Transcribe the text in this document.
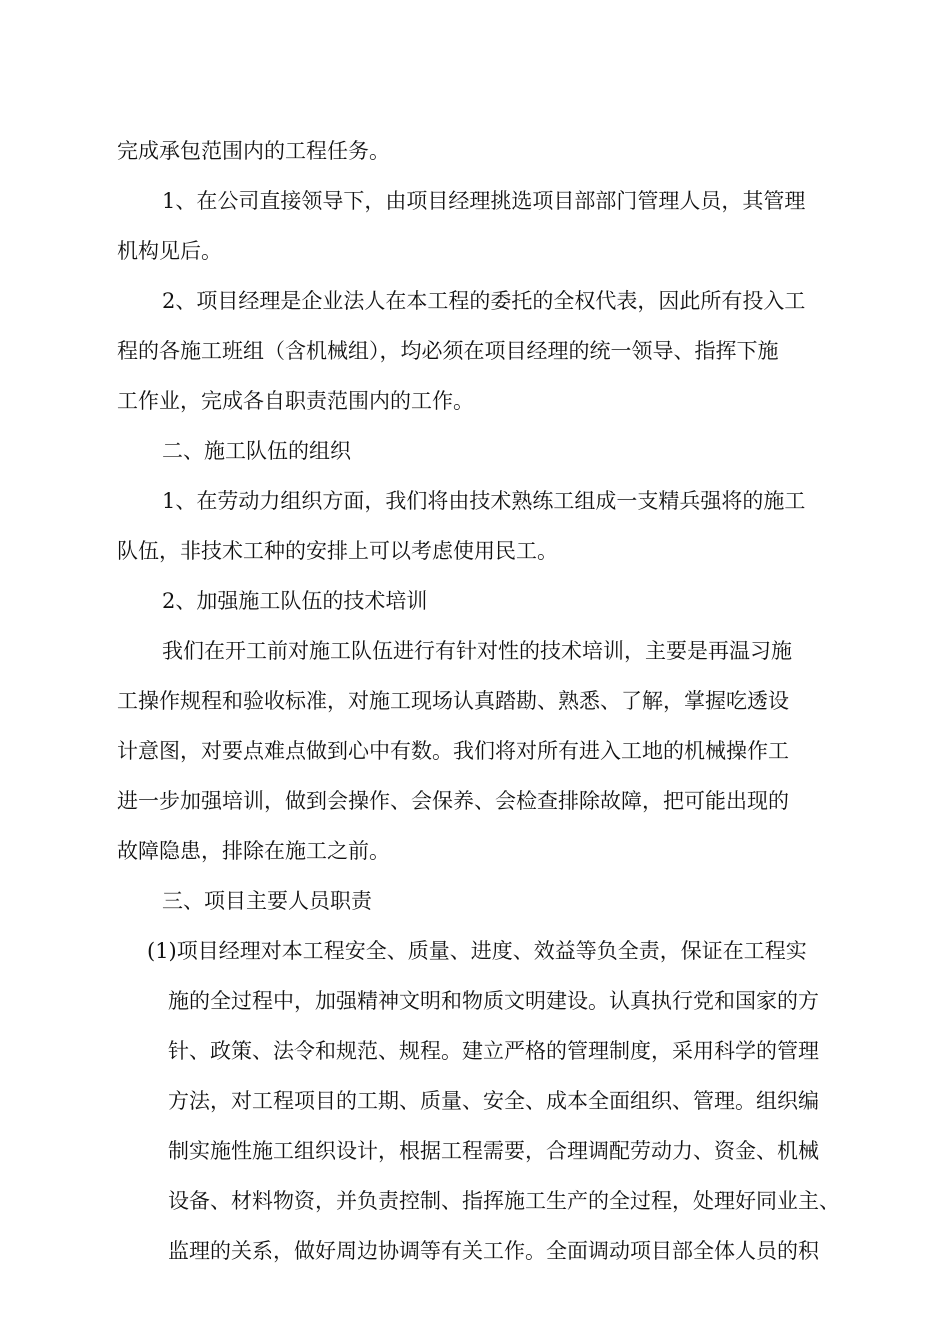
完成承包范围内的工程任务。
1、在公司直接领导下，由项目经理挑选项目部部门管理人员，其管理
机构见后。
2、项目经理是企业法人在本工程的委托的全权代表，因此所有投入工
程的各施工班组（含机械组），均必须在项目经理的统一领导、指挥下施
工作业，完成各自职责范围内的工作。
二、施工队伍的组织
1、在劳动力组织方面，我们将由技术熟练工组成一支精兵强将的施工
队伍，非技术工种的安排上可以考虑使用民工。
2、加强施工队伍的技术培训
我们在开工前对施工队伍进行有针对性的技术培训，主要是再温习施
工操作规程和验收标准，对施工现场认真踏勘、熟悉、了解，掌握吃透设
计意图，对要点难点做到心中有数。我们将对所有进入工地的机械操作工
进一步加强培训，做到会操作、会保养、会检查排除故障，把可能出现的
故障隐患，排除在施工之前。
三、项目主要人员职责
(1)项目经理对本工程安全、质量、进度、效益等负全责，保证在工程实
施的全过程中，加强精神文明和物质文明建设。认真执行党和国家的方
针、政策、法令和规范、规程。建立严格的管理制度，采用科学的管理
方法，对工程项目的工期、质量、安全、成本全面组织、管理。组织编
制实施性施工组织设计，根据工程需要，合理调配劳动力、资金、机械
设备、材料物资，并负责控制、指挥施工生产的全过程，处理好同业主、
监理的关系，做好周边协调等有关工作。全面调动项目部全体人员的积
